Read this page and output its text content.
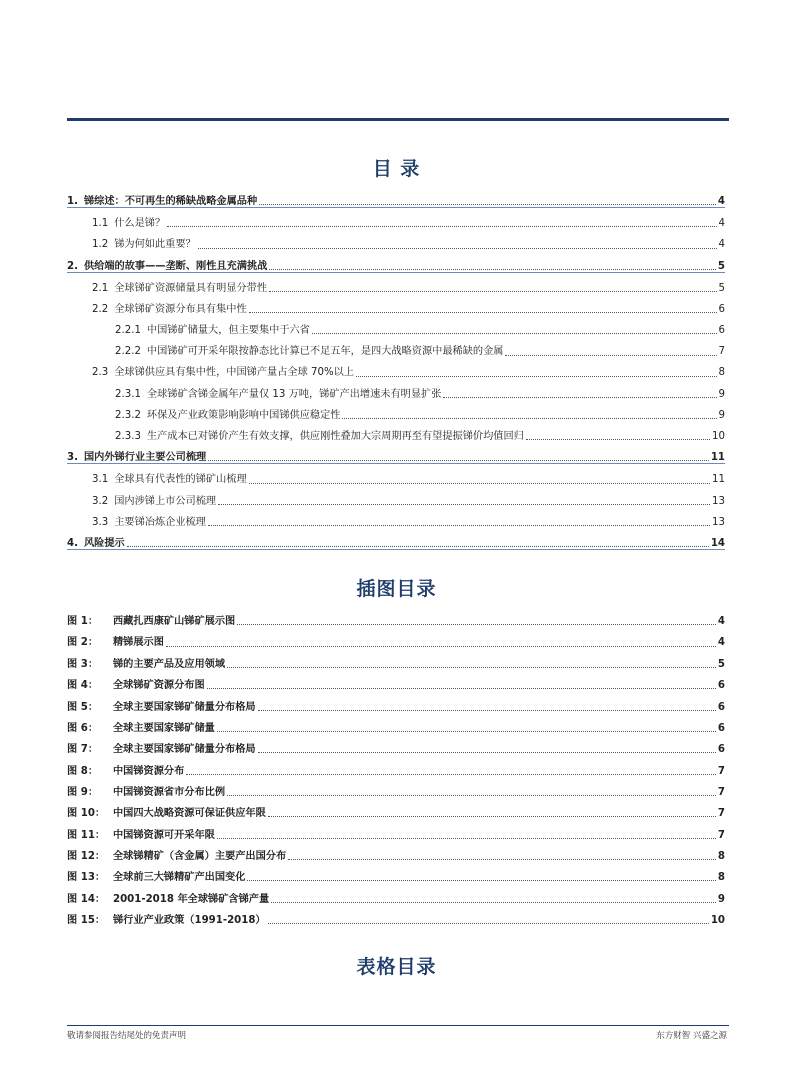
目 录
1. 锑综述：不可再生的稀缺战略金属品种	4
1.1 什么是锑？	4
1.2 锑为何如此重要？	4
2. 供给端的故事——垄断、刚性且充满挑战	5
2.1 全球锑矿资源储量具有明显分带性	5
2.2 全球锑矿资源分布具有集中性	6
2.2.1 中国锑矿储量大，但主要集中于六省	6
2.2.2 中国锑矿可开采年限按静态比计算已不足五年，是四大战略资源中最稀缺的金属	7
2.3 全球锑供应具有集中性，中国锑产量占全球 70%以上	8
2.3.1 全球锑矿含锑金属年产量仅 13 万吨，锑矿产出增速未有明显扩张	9
2.3.2 环保及产业政策影响影响中国锑供应稳定性	9
2.3.3 生产成本已对锑价产生有效支撑，供应刚性叠加大宗周期再至有望提振锑价均值回归	10
3. 国内外锑行业主要公司梳理	11
3.1 全球具有代表性的锑矿山梳理	11
3.2 国内涉锑上市公司梳理	13
3.3 主要锑冶炼企业梳理	13
4. 风险提示	14
插图目录
图 1：	西藏扎西康矿山锑矿展示图	4
图 2：	精锑展示图	4
图 3：	锑的主要产品及应用领域	5
图 4：	全球锑矿资源分布图	6
图 5：	全球主要国家锑矿储量分布格局	6
图 6：	全球主要国家锑矿储量	6
图 7：	全球主要国家锑矿储量分布格局	6
图 8：	中国锑资源分布	7
图 9：	中国锑资源省市分布比例	7
图 10： 中国四大战略资源可保证供应年限	7
图 11： 中国锑资源可开采年限	7
图 12： 全球锑精矿（含金属）主要产出国分布	8
图 13： 全球前三大锑精矿产出国变化	8
图 14： 2001-2018 年全球锑矿含锑产量	9
图 15： 锑行业产业政策（1991-2018）	10
表格目录
敬请参阅报告结尾处的免责声明	东方财智 兴盛之源
